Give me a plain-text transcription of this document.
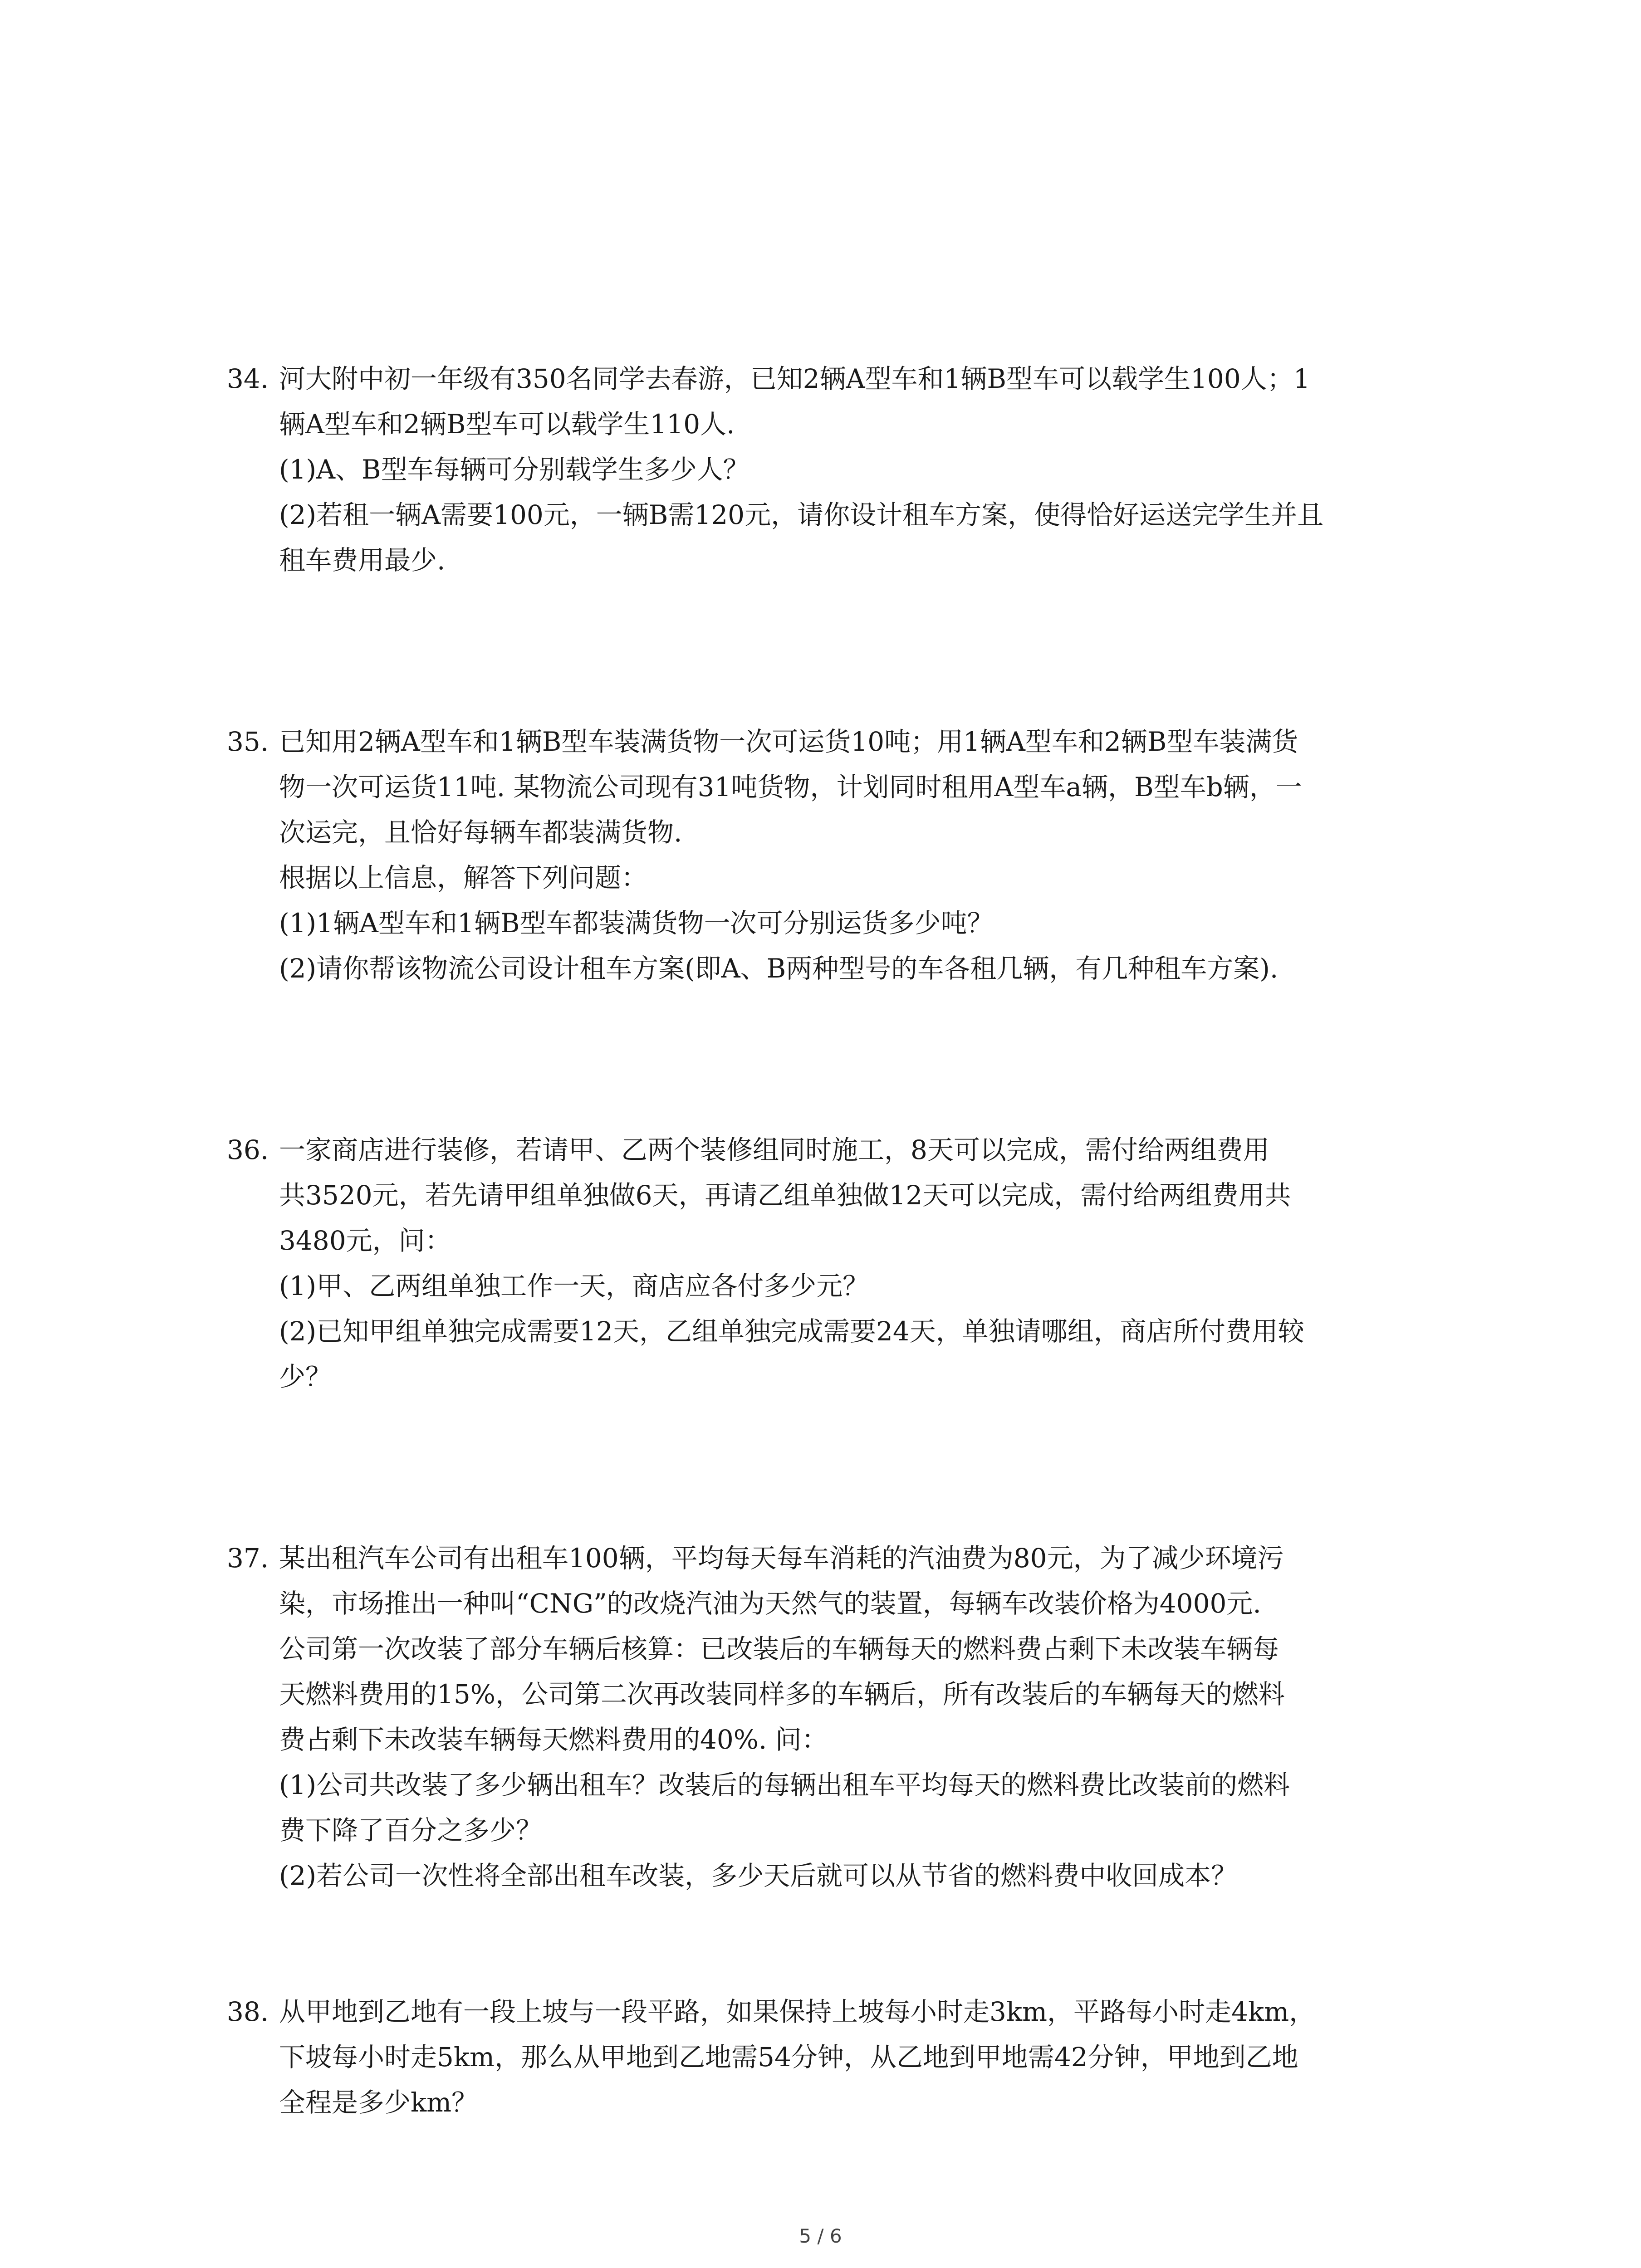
34. 河大附中初一年级有350名同学去春游，已知2辆A型车和1辆B型车可以载学生100人；1
辆A型车和2辆B型车可以载学生110人.
(1)A、B型车每辆可分别载学生多少人？
(2)若租一辆A需要100元，一辆B需120元，请你设计租车方案，使得恰好运送完学生并且
租车费用最少.
35. 已知用2辆A型车和1辆B型车装满货物一次可运货10吨；用1辆A型车和2辆B型车装满货
物一次可运货11吨. 某物流公司现有31吨货物，计划同时租用A型车a辆，B型车b辆，一
次运完，且恰好每辆车都装满货物.
根据以上信息，解答下列问题：
(1)1辆A型车和1辆B型车都装满货物一次可分别运货多少吨？
(2)请你帮该物流公司设计租车方案(即A、B两种型号的车各租几辆，有几种租车方案).
36. 一家商店进行装修，若请甲、乙两个装修组同时施工，8天可以完成，需付给两组费用
共3520元，若先请甲组单独做6天，再请乙组单独做12天可以完成，需付给两组费用共
3480元，问：
(1)甲、乙两组单独工作一天，商店应各付多少元？
(2)已知甲组单独完成需要12天，乙组单独完成需要24天，单独请哪组，商店所付费用较
少？
37. 某出租汽车公司有出租车100辆，平均每天每车消耗的汽油费为80元，为了减少环境污
染，市场推出一种叫“CNG”的改烧汽油为天然气的装置，每辆车改装价格为4000元.
公司第一次改装了部分车辆后核算：已改装后的车辆每天的燃料费占剩下未改装车辆每
天燃料费用的15%，公司第二次再改装同样多的车辆后，所有改装后的车辆每天的燃料
费占剩下未改装车辆每天燃料费用的40%. 问：
(1)公司共改装了多少辆出租车？改装后的每辆出租车平均每天的燃料费比改装前的燃料
费下降了百分之多少？
(2)若公司一次性将全部出租车改装，多少天后就可以从节省的燃料费中收回成本？
38. 从甲地到乙地有一段上坡与一段平路，如果保持上坡每小时走3km，平路每小时走4km，
下坡每小时走5km，那么从甲地到乙地需54分钟，从乙地到甲地需42分钟，甲地到乙地
全程是多少km？
5 / 6
